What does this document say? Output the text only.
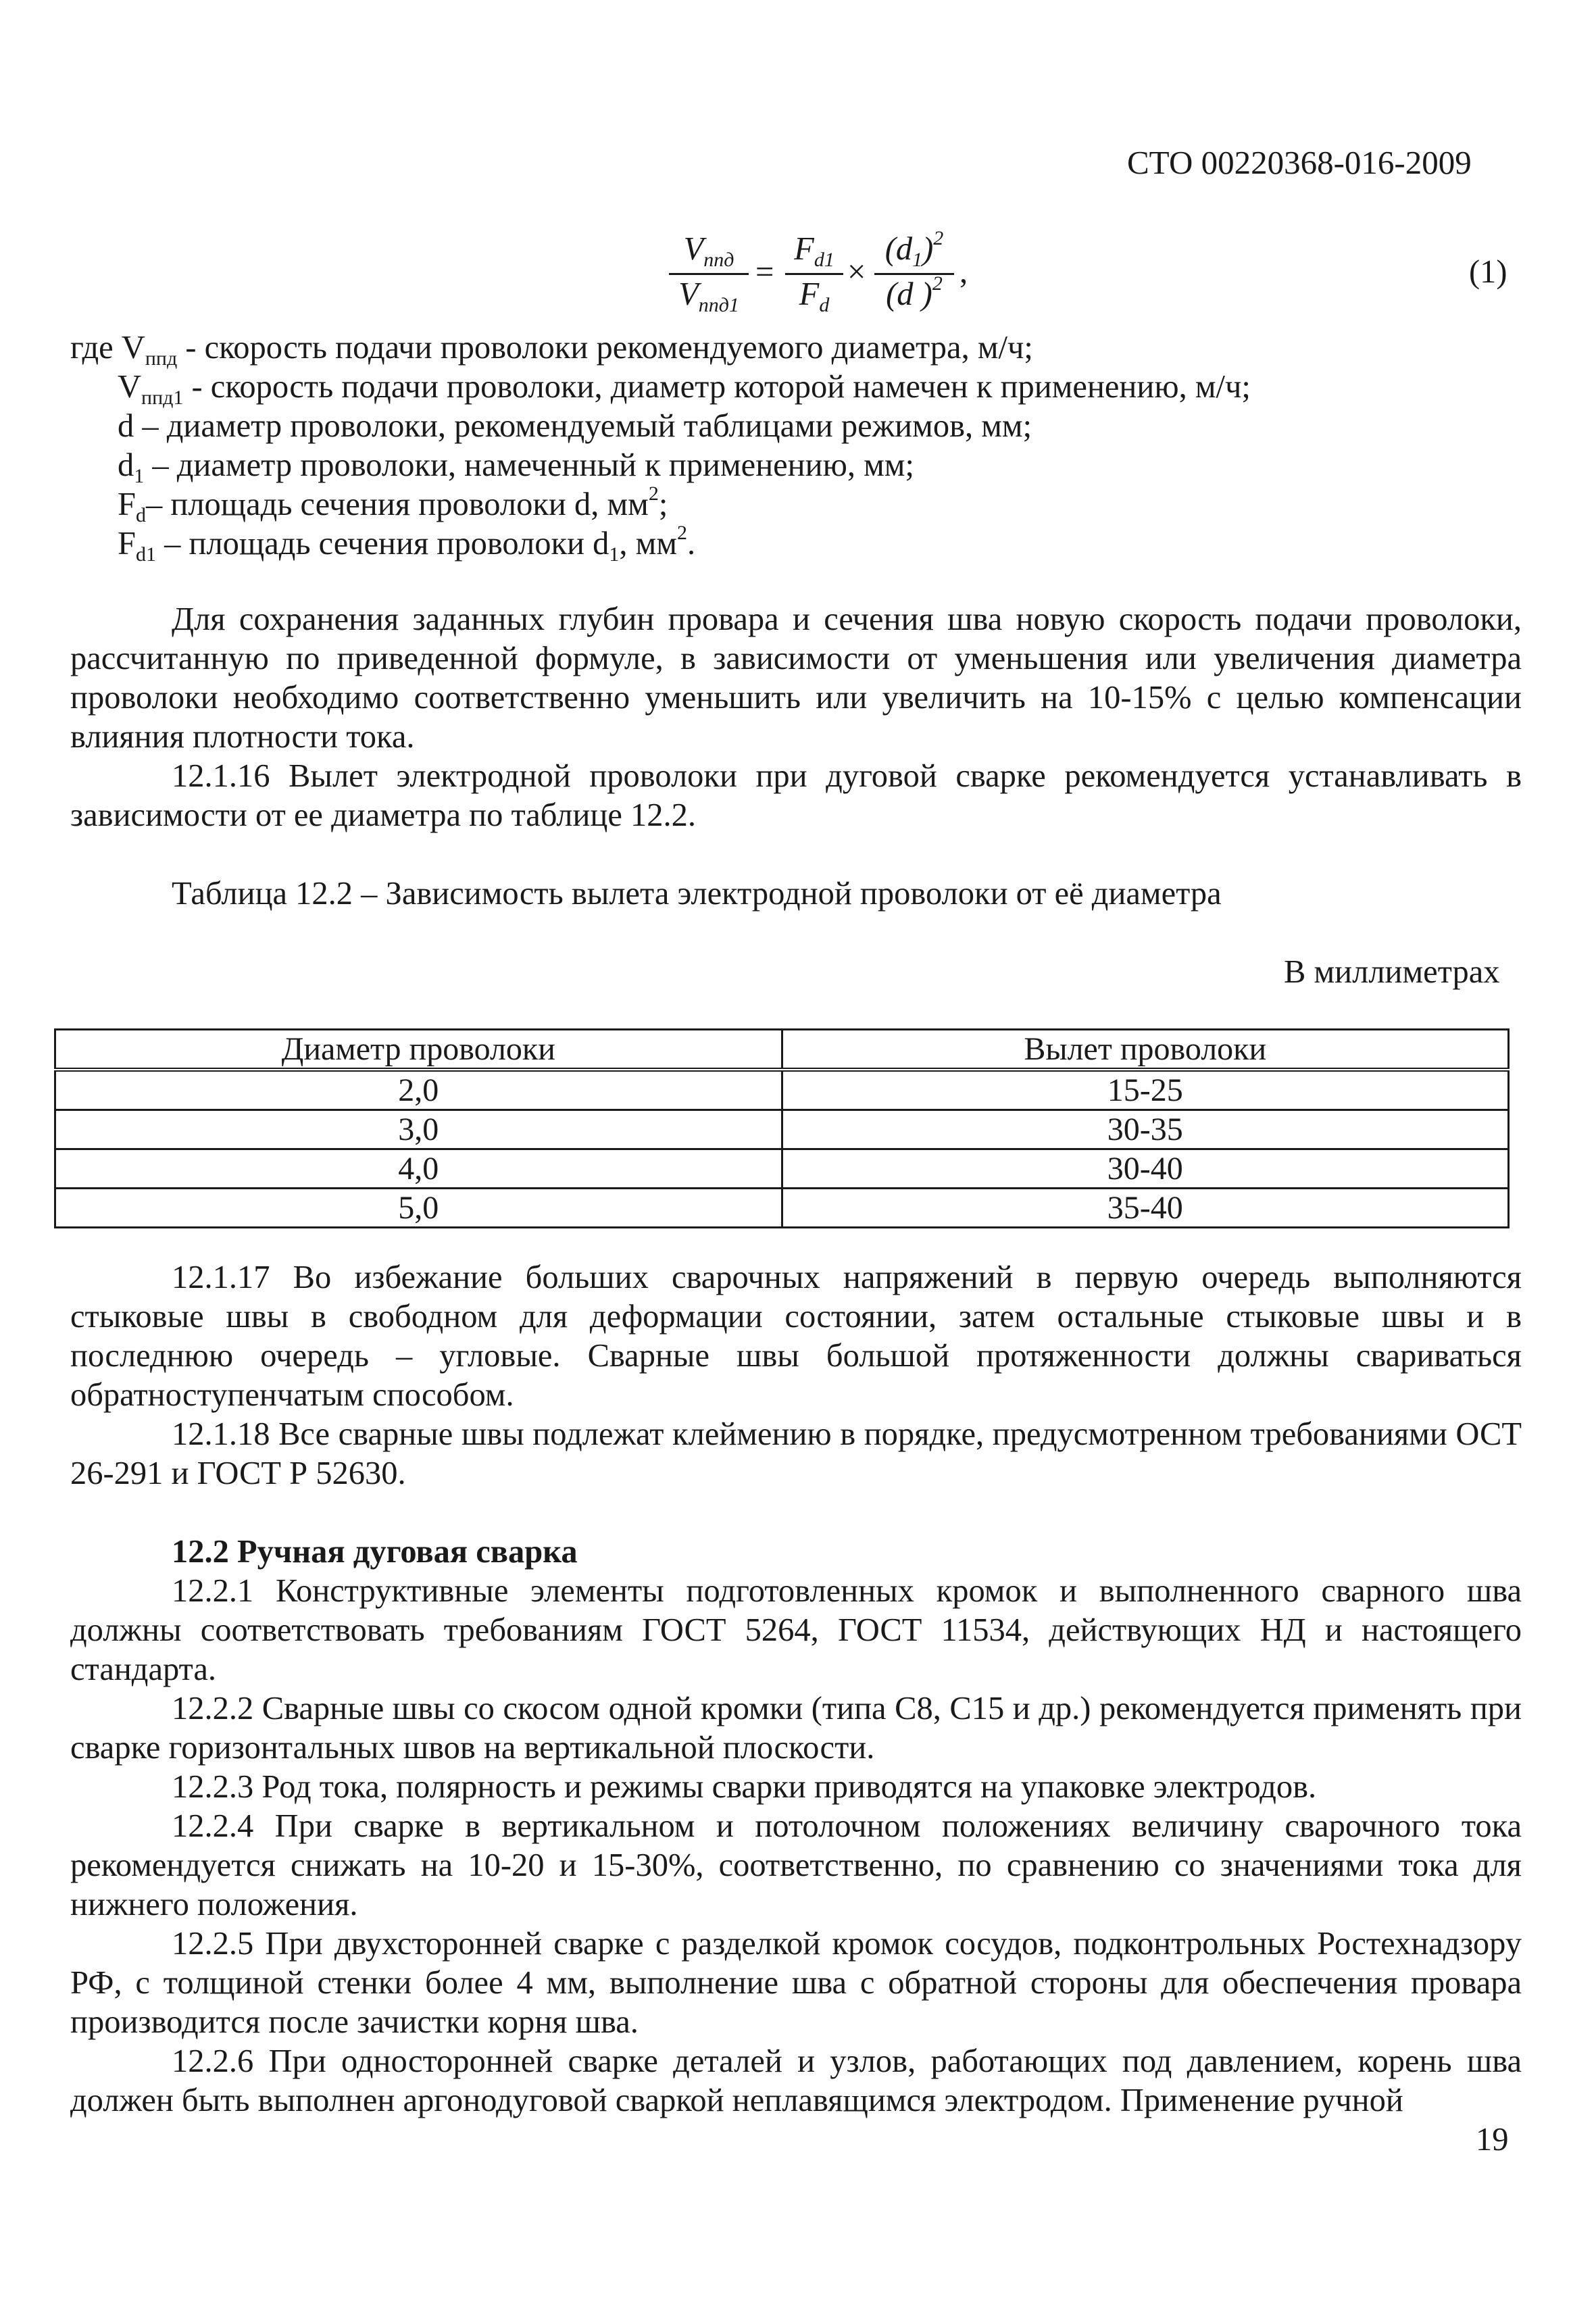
СТО 00220368-016-2009
$V_{ппд}$
$V_{ппд1}$
= $\frac{F_{d1}}{F_d} \times \frac{(d_1)^2}{(d )^2}$ ,	(1)
где $V_{ппд}$ - скорость подачи проволоки рекомендуемого диаметра, м/ч;
$V_{ппд1}$ - скорость подачи проволоки, диаметр которой намечен к применению, м/ч;
d – диаметр проволоки, рекомендуемый таблицами режимов, мм;
$d_1$ – диаметр проволоки, намеченный к применению, мм;
$F_d-$ площадь сечения проволоки d, $мм^2$;
$F_{d1}$ – площадь сечения проволоки $d_1$, $мм^2$.
Для сохранения заданных глубин провара и сечения шва новую скорость подачи проволоки, рассчитанную по приведенной формуле, в зависимости от уменьшения или увеличения диаметра проволоки необходимо соответственно уменьшить или увеличить на 10-15% с целью компенсации влияния плотности тока.
12.1.16 Вылет электродной проволоки при дуговой сварке рекомендуется устанавливать в зависимости от ее диаметра по таблице 12.2.
Таблица 12.2 – Зависимость вылета электродной проволоки от её диаметра
В миллиметрах
Диаметр проволоки	Вылет проволоки
2,0	15-25
3,0	30-35
4,0	30-40
5,0	35-40
12.1.17 Во избежание больших сварочных напряжений в первую очередь выполняются стыковые швы в свободном для деформации состоянии, затем остальные стыковые швы и в последнюю очередь – угловые. Сварные швы большой протяженности должны свариваться обратноступенчатым способом.
12.1.18 Все сварные швы подлежат клеймению в порядке, предусмотренном требованиями ОСТ 26-291 и ГОСТ Р 52630.
12.2 Ручная дуговая сварка
12.2.1 Конструктивные элементы подготовленных кромок и выполненного сварного шва должны соответствовать требованиям ГОСТ 5264, ГОСТ 11534, действующих НД и настоящего стандарта.
12.2.2 Сварные швы со скосом одной кромки (типа С8, С15 и др.) рекомендуется применять при сварке горизонтальных швов на вертикальной плоскости.
12.2.3 Род тока, полярность и режимы сварки приводятся на упаковке электродов.
12.2.4 При сварке в вертикальном и потолочном положениях величину сварочного тока рекомендуется снижать на 10-20 и 15-30%, соответственно, по сравнению со значениями тока для нижнего положения.
12.2.5 При двухсторонней сварке с разделкой кромок сосудов, подконтрольных Ростехнадзору РФ, с толщиной стенки более 4 мм, выполнение шва с обратной стороны для обеспечения провара производится после зачистки корня шва.
12.2.6 При односторонней сварке деталей и узлов, работающих под давлением, корень шва должен быть выполнен аргонодуговой сваркой неплавящимся электродом. Применение ручной
19
